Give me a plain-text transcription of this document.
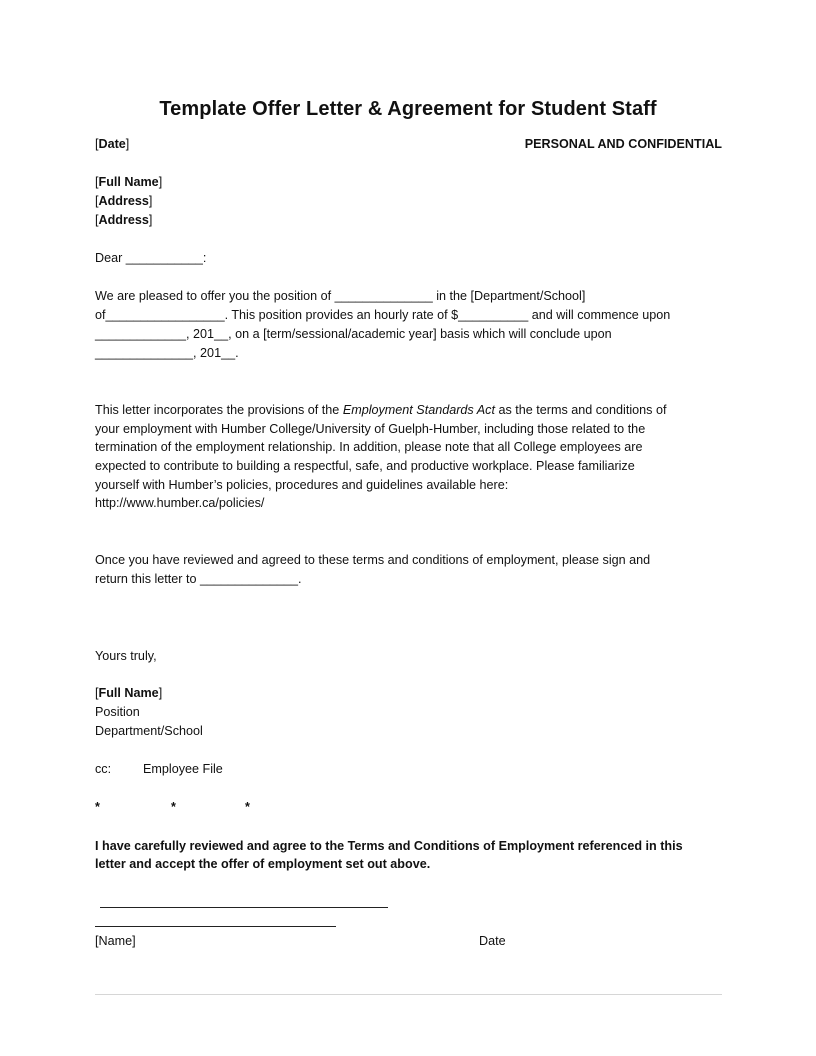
Template Offer Letter & Agreement for Student Staff
[Date]	PERSONAL AND CONFIDENTIAL
[Full Name]
[Address]
[Address]
Dear ___________:
We are pleased to offer you the position of ______________ in the [Department/School]
of_________________. This position provides an hourly rate of $__________ and will commence upon
_____________, 201__, on a [term/sessional/academic year] basis which will conclude upon
______________, 201__.
This letter incorporates the provisions of the Employment Standards Act as the terms and conditions of
your employment with Humber College/University of Guelph-Humber, including those related to the
termination of the employment relationship. In addition, please note that all College employees are
expected to contribute to building a respectful, safe, and productive workplace. Please familiarize
yourself with Humber’s policies, procedures and guidelines available here:
http://www.humber.ca/policies/
Once you have reviewed and agreed to these terms and conditions of employment, please sign and
return this letter to ______________.
Yours truly,
[Full Name]
Position
Department/School
cc:	Employee File
*	*	*
I have carefully reviewed and agree to the Terms and Conditions of Employment referenced in this
letter and accept the offer of employment set out above.
[Name]	Date
